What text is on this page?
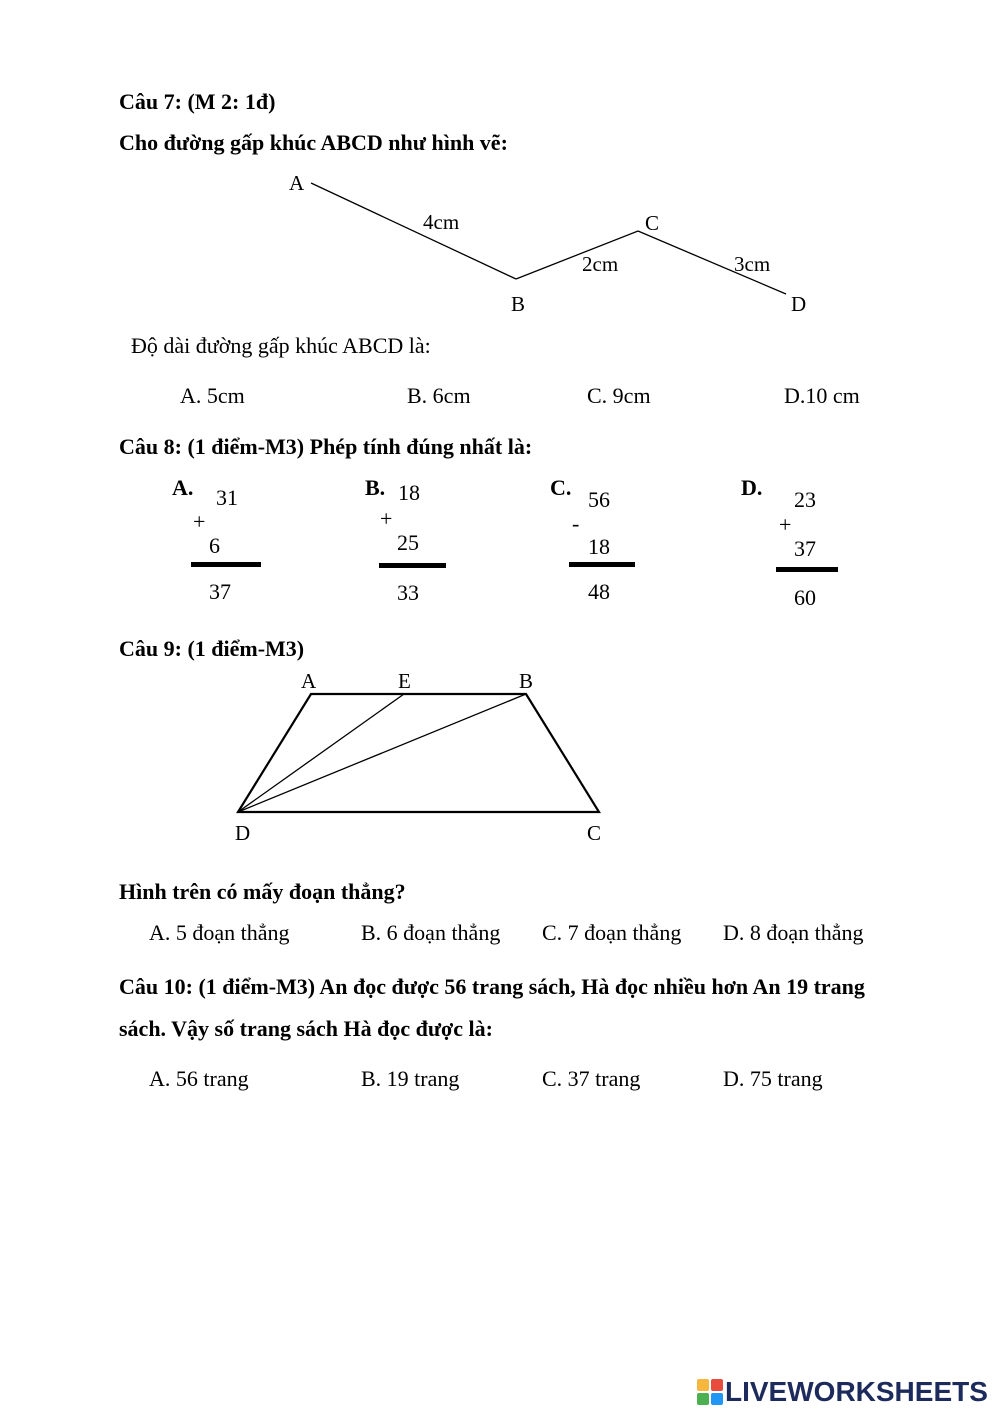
Câu 7: (M 2: 1đ)
Cho đường gấp khúc ABCD như hình vẽ:
A
B
C
D
4cm
2cm	3cm
A	E	B
D	C
Độ dài đường gấp khúc ABCD là:
A. 5cm	B. 6cm	C. 9cm	D.10 cm
Câu 8: (1 điểm-M3) Phép tính đúng nhất là:
A. 31
+
6
37
B. 18
+
25
33
C. 56
-
18
48
D. 23
+
37
60
Câu 9: (1 điểm-M3)
Hình trên có mấy đoạn thẳng?
A. 5 đoạn thẳng	B. 6 đoạn thẳng C. 7 đoạn thẳng D. 8 đoạn thẳng
Câu 10: (1 điểm-M3) An đọc được 56 trang sách, Hà đọc nhiều hơn An 19 trang
sách. Vậy số trang sách Hà đọc được là:
A. 56 trang	B. 19 trang	C. 37 trang	D. 75 trang
LIVEWORKSHEETS
